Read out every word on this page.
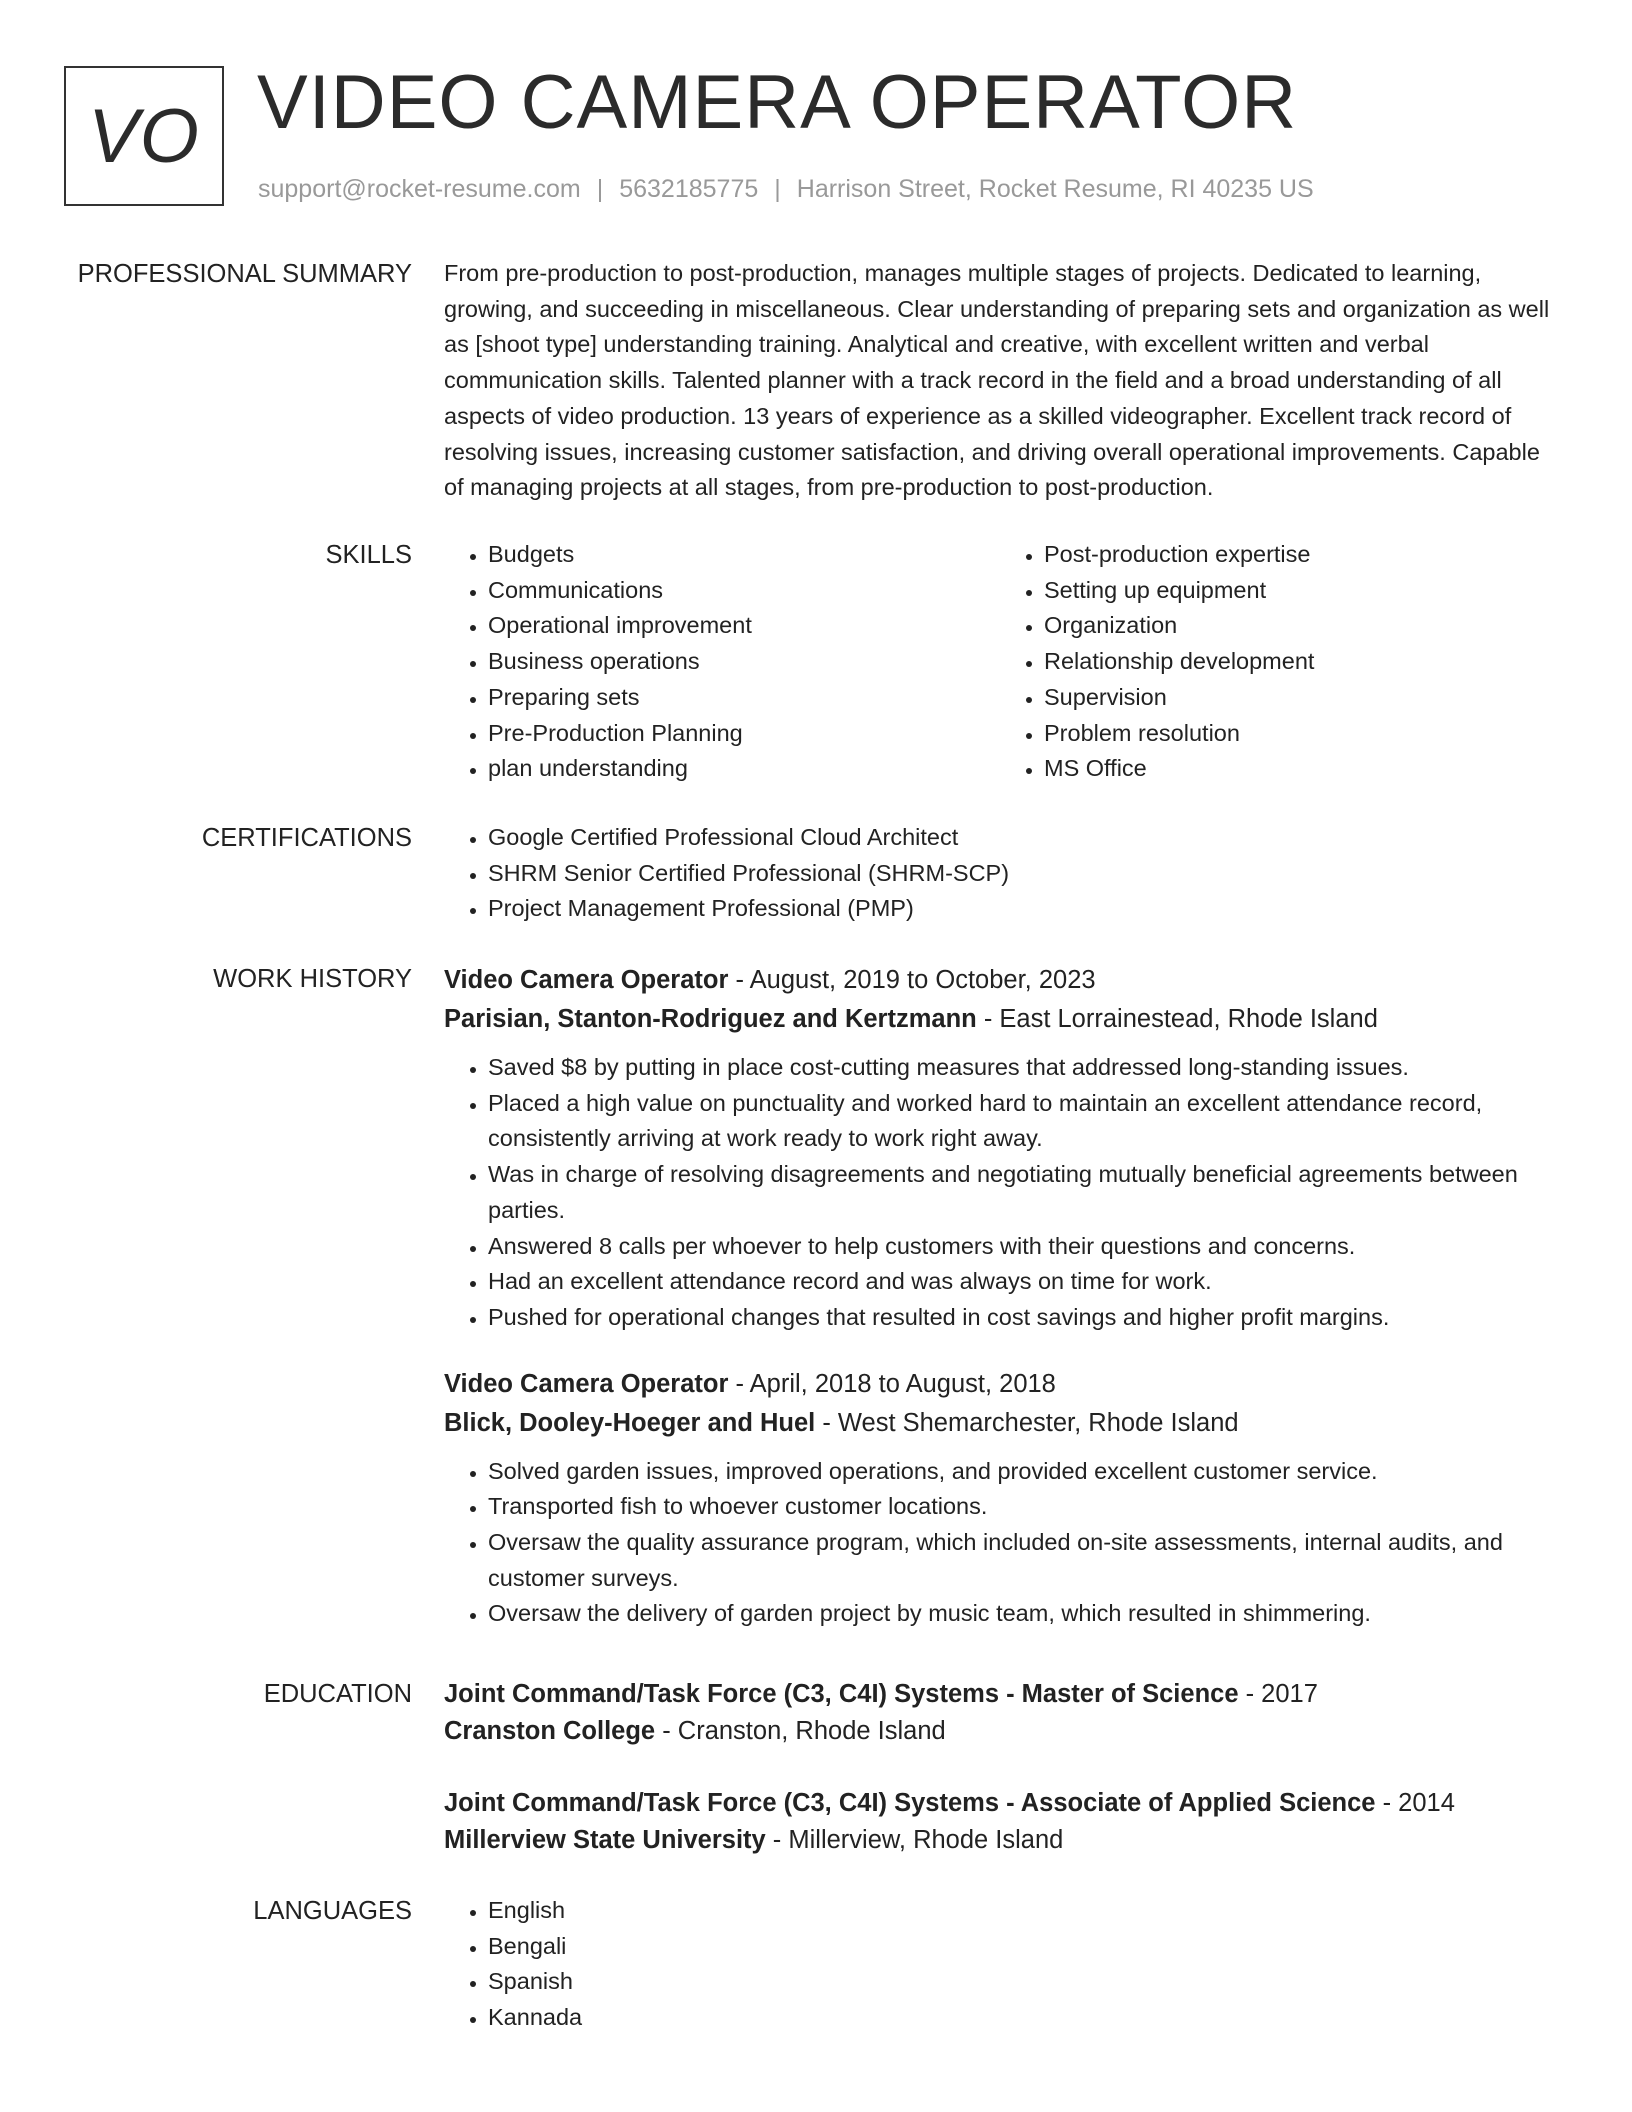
VO VIDEO CAMERA OPERATOR
support@rocket-resume.com | 5632185775 | Harrison Street, Rocket Resume, RI 40235 US
PROFESSIONAL SUMMARY From pre-production to post-production, manages multiple stages of projects. Dedicated to learning, growing, and succeeding in miscellaneous. Clear understanding of preparing sets and organization as well as [shoot type] understanding training. Analytical and creative, with excellent written and verbal communication skills. Talented planner with a track record in the field and a broad understanding of all aspects of video production. 13 years of experience as a skilled videographer. Excellent track record of resolving issues, increasing customer satisfaction, and driving overall operational improvements. Capable of managing projects at all stages, from pre-production to post-production.
SKILLS	• Budgets
• Communications
• Operational improvement
• Business operations
• Preparing sets
• Pre-Production Planning
• plan understanding
• Post-production expertise
• Setting up equipment
• Organization
• Relationship development
• Supervision
• Problem resolution
• MS Office
CERTIFICATIONS	• Google Certified Professional Cloud Architect
• SHRM Senior Certified Professional (SHRM-SCP)
• Project Management Professional (PMP)
WORK HISTORY Video Camera Operator - August, 2019 to October, 2023
Parisian, Stanton-Rodriguez and Kertzmann - East Lorrainestead, Rhode Island
• Saved $8 by putting in place cost-cutting measures that addressed long-standing issues.
• Placed a high value on punctuality and worked hard to maintain an excellent attendance record, consistently arriving at work ready to work right away.
• Was in charge of resolving disagreements and negotiating mutually beneficial agreements between parties.
• Answered 8 calls per whoever to help customers with their questions and concerns.
• Had an excellent attendance record and was always on time for work.
• Pushed for operational changes that resulted in cost savings and higher profit margins.
Video Camera Operator - April, 2018 to August, 2018
Blick, Dooley-Hoeger and Huel - West Shemarchester, Rhode Island
• Solved garden issues, improved operations, and provided excellent customer service.
• Transported fish to whoever customer locations.
• Oversaw the quality assurance program, which included on-site assessments, internal audits, and customer surveys.
• Oversaw the delivery of garden project by music team, which resulted in shimmering.
EDUCATION Joint Command/Task Force (C3, C4I) Systems - Master of Science - 2017
Cranston College - Cranston, Rhode Island
Joint Command/Task Force (C3, C4I) Systems - Associate of Applied Science - 2014
Millerview State University - Millerview, Rhode Island
LANGUAGES	• English
• Bengali
• Spanish
• Kannada
